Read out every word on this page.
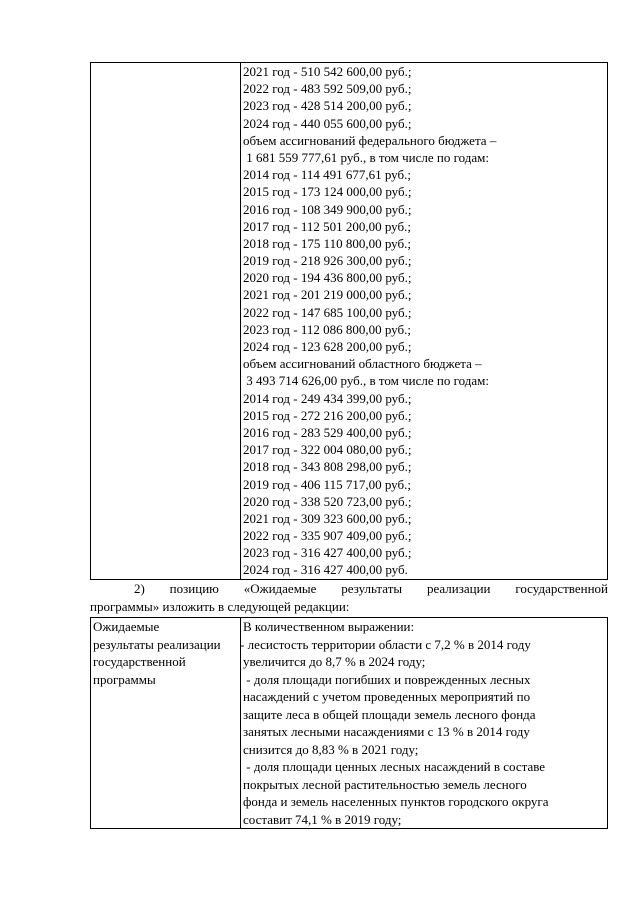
2021 год - 510 542 600,00 руб.;
2022 год - 483 592 509,00 руб.;
2023 год - 428 514 200,00 руб.;
2024 год - 440 055 600,00 руб.;
объем ассигнований федерального бюджета –
1 681 559 777,61 руб., в том числе по годам:
2014 год - 114 491 677,61 руб.;
2015 год - 173 124 000,00 руб.;
2016 год - 108 349 900,00 руб.;
2017 год - 112 501 200,00 руб.;
2018 год - 175 110 800,00 руб.;
2019 год - 218 926 300,00 руб.;
2020 год - 194 436 800,00 руб.;
2021 год - 201 219 000,00 руб.;
2022 год - 147 685 100,00 руб.;
2023 год - 112 086 800,00 руб.;
2024 год - 123 628 200,00 руб.;
объем ассигнований областного бюджета –
3 493 714 626,00 руб., в том числе по годам:
2014 год - 249 434 399,00 руб.;
2015 год - 272 216 200,00 руб.;
2016 год - 283 529 400,00 руб.;
2017 год - 322 004 080,00 руб.;
2018 год - 343 808 298,00 руб.;
2019 год - 406 115 717,00 руб.;
2020 год - 338 520 723,00 руб.;
2021 год - 309 323 600,00 руб.;
2022 год - 335 907 409,00 руб.;
2023 год - 316 427 400,00 руб.;
2024 год - 316 427 400,00 руб.
2) позицию «Ожидаемые результаты реализации государственной
программы» изложить в следующей редакции:
Ожидаемые
результаты реализации
государственной
программы

В количественном выражении:
- лесистость территории области с 7,2 % в 2014 году
увеличится до 8,7 % в 2024 году;
- доля площади погибших и поврежденных лесных
насаждений с учетом проведенных мероприятий по
защите леса в общей площади земель лесного фонда
занятых лесными насаждениями с 13 % в 2014 году
снизится до 8,83 % в 2021 году;
- доля площади ценных лесных насаждений в составе
покрытых лесной растительностью земель лесного
фонда и земель населенных пунктов городского округа
составит 74,1 % в 2019 году;
